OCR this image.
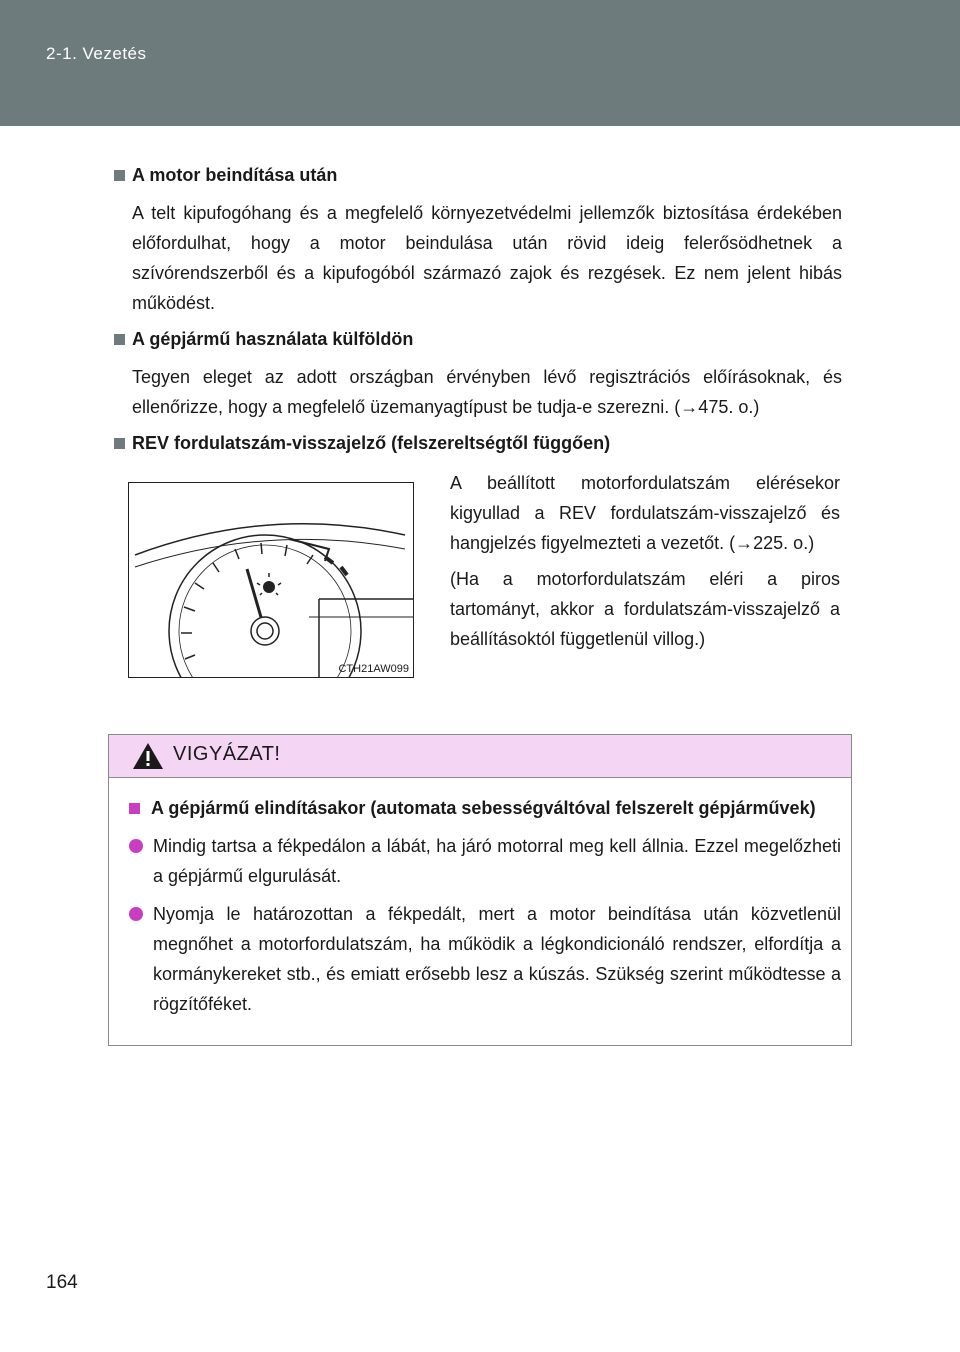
2-1. Vezetés
A motor beindítása után
A telt kipufogóhang és a megfelelő környezetvédelmi jellemzők biztosítása érdekében előfordulhat, hogy a motor beindulása után rövid ideig felerősödhetnek a szívórendszerből és a kipufogóból származó zajok és rezgések. Ez nem jelent hibás működést.
A gépjármű használata külföldön
Tegyen eleget az adott országban érvényben lévő regisztrációs előírásoknak, és ellenőrizze, hogy a megfelelő üzemanyagtípust be tudja-e szerezni. (→475. o.)
REV fordulatszám-visszajelző (felszereltségtől függően)
CTH21AW099
A beállított motorfordulatszám elérésekor kigyullad a REV fordulatszám-visszajelző és hangjelzés figyelmezteti a vezetőt. (→225. o.)
(Ha a motorfordulatszám eléri a piros tartományt, akkor a fordulatszám-visszajelző a beállításoktól függetlenül villog.)
VIGYÁZAT!
A gépjármű elindításakor (automata sebességváltóval felszerelt gépjárművek)
Mindig tartsa a fékpedálon a lábát, ha járó motorral meg kell állnia. Ezzel megelőzheti a gépjármű elgurulását.
Nyomja le határozottan a fékpedált, mert a motor beindítása után közvetlenül megnőhet a motorfordulatszám, ha működik a légkondicionáló rendszer, elfordítja a kormánykereket stb., és emiatt erősebb lesz a kúszás. Szükség szerint működtesse a rögzítőféket.
164
